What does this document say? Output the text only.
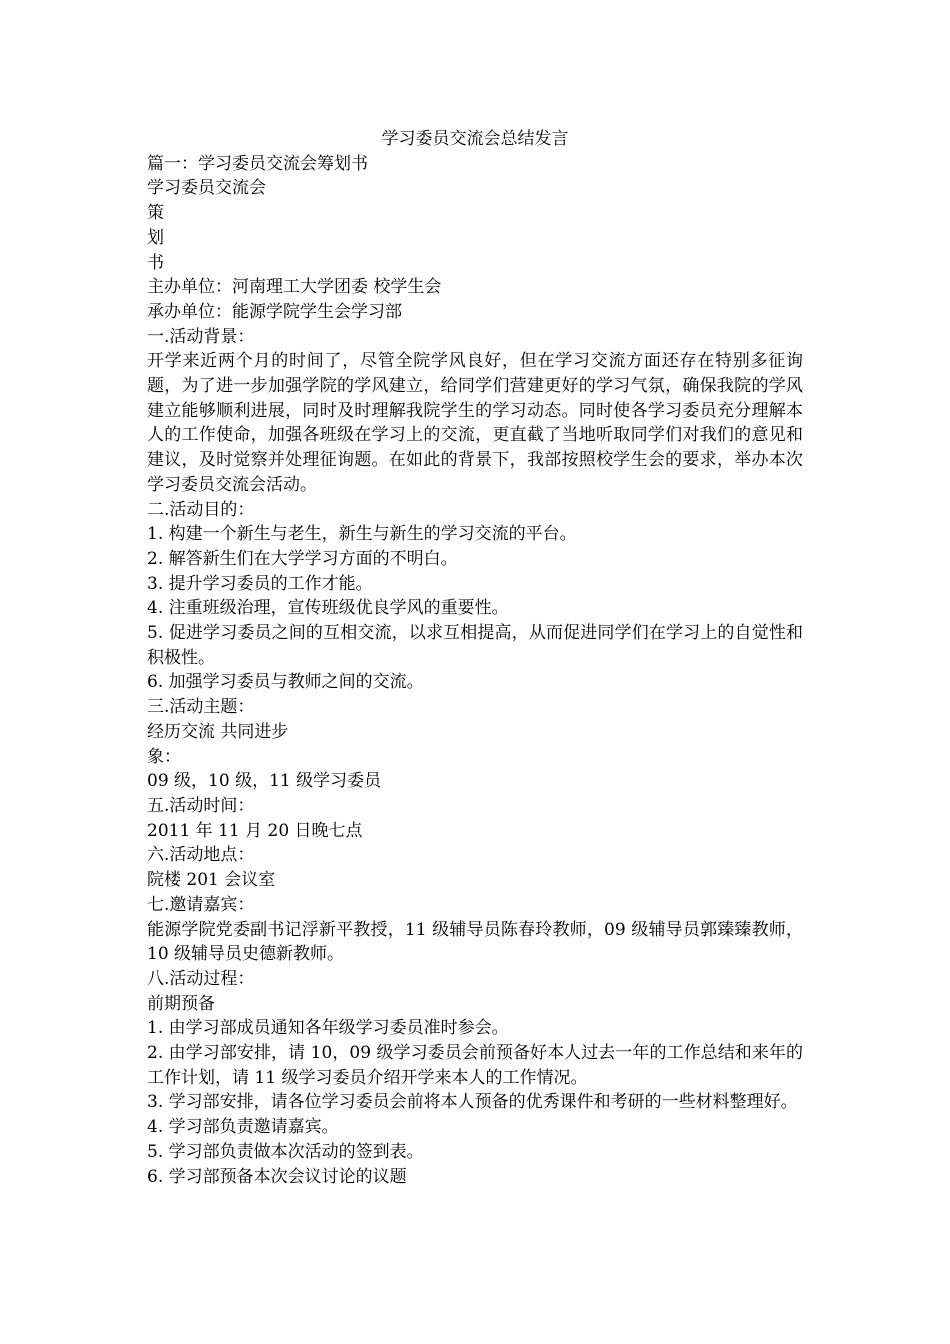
学习委员交流会总结发言

篇一：学习委员交流会筹划书

学习委员交流会

策

划

书

主办单位：河南理工大学团委 校学生会

承办单位：能源学院学生会学习部

一.活动背景：

开学来近两个月的时间了，尽管全院学风良好，但在学习交流方面还存在特别多征询题，为了进一步加强学院的学风建立，给同学们营建更好的学习气氛，确保我院的学风建立能够顺利进展，同时及时理解我院学生的学习动态。同时使各学习委员充分理解本人的工作使命，加强各班级在学习上的交流，更直截了当地听取同学们对我们的意见和建议，及时觉察并处理征询题。在如此的背景下，我部按照校学生会的要求，举办本次学习委员交流会活动。

二.活动目的：

1. 构建一个新生与老生，新生与新生的学习交流的平台。

2. 解答新生们在大学学习方面的不明白。

3. 提升学习委员的工作才能。

4. 注重班级治理，宣传班级优良学风的重要性。

5. 促进学习委员之间的互相交流，以求互相提高，从而促进同学们在学习上的自觉性和积极性。

6. 加强学习委员与教师之间的交流。

三.活动主题：

经历交流 共同进步

象：

09 级，10 级，11 级学习委员

五.活动时间：

2011 年 11 月 20 日晚七点

六.活动地点：

院楼 201 会议室

七.邀请嘉宾：

能源学院党委副书记浮新平教授，11 级辅导员陈春玲教师，09 级辅导员郭臻臻教师，10 级辅导员史德新教师。

八.活动过程：

前期预备

1. 由学习部成员通知各年级学习委员准时参会。

2. 由学习部安排，请 10，09 级学习委员会前预备好本人过去一年的工作总结和来年的工作计划，请 11 级学习委员介绍开学来本人的工作情况。

3. 学习部安排，请各位学习委员会前将本人预备的优秀课件和考研的一些材料整理好。

4. 学习部负责邀请嘉宾。

5. 学习部负责做本次活动的签到表。

6. 学习部预备本次会议讨论的议题
